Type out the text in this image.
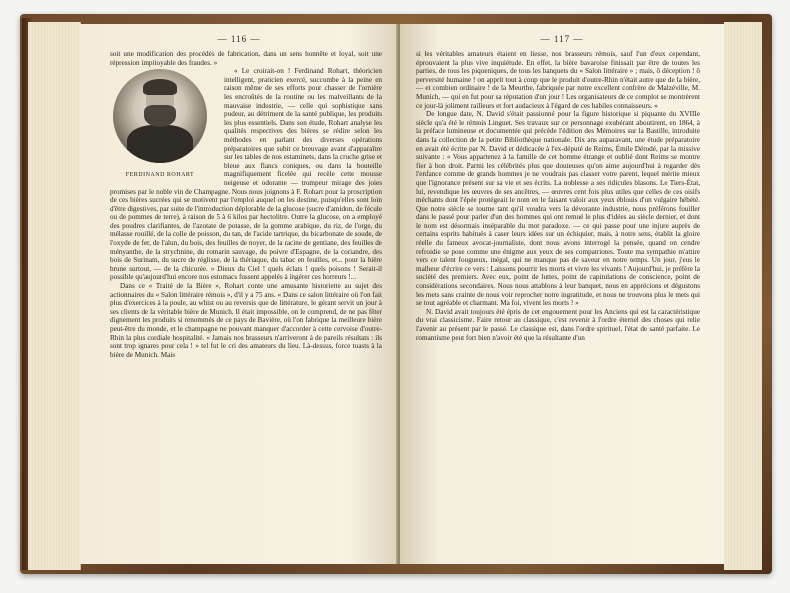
— 116 —

soit une modification des procédés de fabrication, dans un sens honnête et loyal, soit une répression impitoyable des fraudes. »

FERDINAND ROHART

« Le croirait-on ! Ferdinand Rohart, théoricien intelligent, praticien exercé, succombe à la peine en raison même de ses efforts pour chasser de l'ornière les encroûtés de la routine ou les malveillants de la mauvaise industrie, — celle qui sophistique sans pudeur, au détriment de la santé publique, les produits les plus essentiels. Dans son étude, Rohart analyse les qualités respectives des bières se rédire selon les méthodes en parlant des diverses opérations préparatoires que subit ce breuvage avant d'apparaître sur les tables de nos estaminets, dans la cruche grise et bleue aux flancs coniques, ou dans la bouteille magnifiquement ficelée qui recèle cette mousse neigeuse et odorante — trompeur mirage des joies promises par le noble vin de Champagne. Nous nous joignons à F. Rohart pour la proscription de ces bières sucrées qui se motivent par l'emploi auquel on les destine, puisqu'elles sont loin d'être digestives, par suite de l'introduction déplorable de la glucose (sucre d'amidon, de fécule ou de pommes de terre), à raison de 5 à 6 kilos par hectolitre. Outre la glucose, on a employé des poudres clarifiantes, de l'azotate de potasse, de la gomme arabique, du riz, de l'orge, du mélasse rouillé, de la colle de poisson, du tan, de l'acide tartrique, du bicarbonate de soude, de l'oxyde de fer, de l'alun, du bois, des feuilles de noyer, de la racine de gentiane, des feuilles de ményanthe, de la strychnine, du romarin sauvage, du poivre d'Espagne, de la coriandre, des bois de Surinam, du sucre de réglisse, de la thériaque, du tabac en feuilles, et... pour la bière brune surtout, — de la chicorée. » Dieux du Ciel ! quels éclats ! quels poisons ! Serait-il possible qu'aujourd'hui encore nos estomacs fussent appelés à ingérer ces horreurs !...

Dans ce « Traité de la Bière », Rohart conte une amusante historiette au sujet des actionnaires du « Salon littéraire rémois », d'il y a 75 ans. « Dans ce salon littéraire où l'on fait plus d'exercices à la poule, au whist ou au reversis que de littérature, le gérant servit un jour à ses clients de la véritable bière de Munich. Il était impossible, on le comprend, de ne pas fêter dignement les produits si renommés de ce pays de Bavière, où l'on fabrique la meilleure bière peut-être du monde, et le champagne ne pouvant manquer d'accorder à cette cervoise d'outre-Rhin la plus cordiale hospitalité. « Jamais nos brasseurs n'arriveront à de pareils résultats : ils sont trop ignares pour cela ! » tel fut le cri des amateurs du lieu. Là-dessus, force toasts à la bière de Munich. Mais

— 117 —

si les véritables amateurs étaient en liesse, nos brasseurs rémois, sauf l'un d'eux cependant, éprouvaient la plus vive inquiétude. En effet, la bière bavaroise finissait par être de toutes les parties, de tous les piqueniques, de tous les banquets du « Salon littéraire » ; mais, ô déception ! ô perversité humaine ! on apprit tout à coup que le produit d'outre-Rhin n'était autre que de la bière, — et combien ordinaire ! de la Meurthe, fabriquée par notre excellent confrère de Malzéville, M. Munich, — qui en fut pour sa réputation d'un jour ! Les organisateurs de ce complot se montrèrent ce jour-là joliment railleurs et fort audacieux à l'égard de ces habiles connaisseurs. »

De longue date, N. David s'était passionné pour la figure historique si piquante du XVIIIe siècle qu'a été le rémois Linguet. Ses travaux sur ce personnage exubérant aboutirent, en 1864, à la préface lumineuse et documentée qui précède l'édition des Mémoires sur la Bastille, introduite dans la collection de la petite Bibliothèque nationale. Dix ans auparavant, une étude préparatoire en avait été écrite par N. David et dédicacée à l'ex-député de Reims, Émile Dérodé, par la missive suivante : « Vous appartenez à la famille de cet homme étrange et oublié dont Reims se montre fier à bon droit. Parmi les célébrités plus que douteuses qu'on aime aujourd'hui à regarder dès l'enfance comme de grands hommes je ne voudrais pas classer votre parent, lequel mérite mieux que l'ignorance présent sur sa vie et ses écrits. La noblesse a ses ridicules blasons. Le Tiers-État, lui, revendique les œuvres de ses ancêtres, — œuvres cent fois plus utiles que celles de ces oisifs méchants dont l'épée protégeait le nom en le faisant valoir aux yeux éblouis d'un vulgaire hébété. Que notre siècle se tourne tant qu'il voudra vers la dévorante industrie, nous préférons fouiller dans le passé pour parler d'un des hommes qui ont remué le plus d'idées au siècle dernier, et dont le nom est désormais inséparable du mot paradoxe. — ce qui passe pour une injure auprès de certains esprits habitués à caser leurs idées sur un échiquier, mais, à notre sens, établit la gloire réelle du fameux avocat-journaliste, dont nous avons interrogé la pensée, quand on cendre refroidie se pose comme une énigme aux yeux de ses compatriotes. Toute ma sympathie m'attire vers ce talent fougueux, inégal, qui ne manque pas de saveur en notre temps. Un jour, j'eus le malheur d'écrire ce vers : Laissons pourrir les morts et vivre les vivants ! Aujourd'hui, je préfère la société des premiers. Avec eux, point de luttes, point de capitulations de conscience, point de considérations secondaires. Nous nous attablons à leur banquet, nous en apprécions et dégustons les mets sans crainte de nous voir reprocher notre ingratitude, et nous ne trouvons plus le mets qui se tout agréable et charmant. Ma foi, vivent les morts ! »

N. David avait toujours été épris de cet engouement pour les Anciens qui est la caractéristique du vrai classicisme. Faire retour au classique, c'est revenir à l'ordre éternel des choses qui relie l'avenir au présent par le passé. Le classique est, dans l'ordre spirituel, l'état de santé parfaite. Le romantisme peut fort bien n'avoir été que la résultante d'un
